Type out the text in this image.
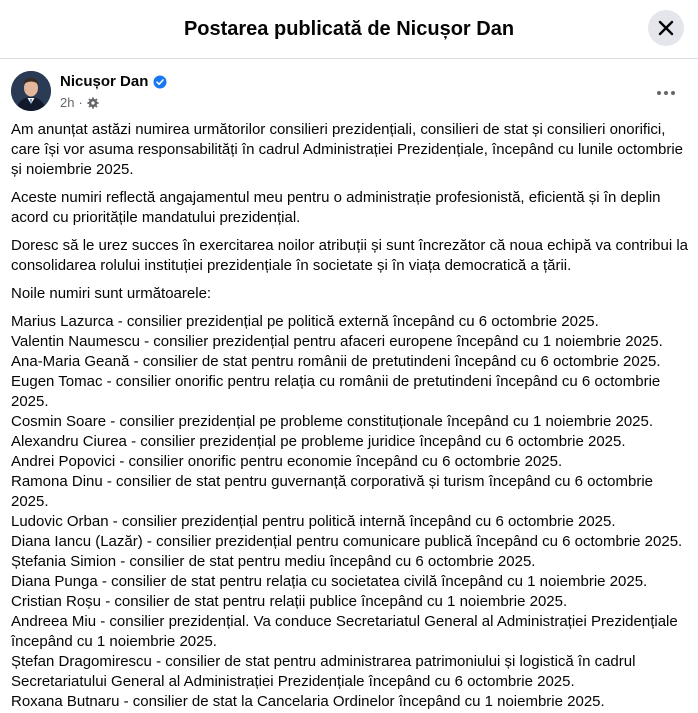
Postarea publicată de Nicușor Dan
Nicușor Dan
2h ·

Am anunțat astăzi numirea următorilor consilieri prezidențiali, consilieri de stat și consilieri onorifici, care își vor asuma responsabilități în cadrul Administrației Prezidențiale, începând cu lunile octombrie și noiembrie 2025.

Aceste numiri reflectă angajamentul meu pentru o administrație profesionistă, eficientă și în deplin acord cu prioritățile mandatului prezidențial.

Doresc să le urez succes în exercitarea noilor atribuții și sunt încrezător că noua echipă va contribui la consolidarea rolului instituției prezidențiale în societate și în viața democratică a țării.

Noile numiri sunt următoarele:

Marius Lazurca - consilier prezidențial pe politică externă începând cu 6 octombrie 2025.
Valentin Naumescu - consilier prezidențial pentru afaceri europene începând cu 1 noiembrie 2025.
Ana-Maria Geană - consilier de stat pentru românii de pretutindeni începând cu 6 octombrie 2025.
Eugen Tomac - consilier onorific pentru relația cu românii de pretutindeni începând cu 6 octombrie 2025.
Cosmin Soare - consilier prezidențial pe probleme constituționale începând cu 1 noiembrie 2025.
Alexandru Ciurea - consilier prezidențial pe probleme juridice începând cu 6 octombrie 2025.
Andrei Popovici - consilier onorific pentru economie începând cu 6 octombrie 2025.
Ramona Dinu - consilier de stat pentru guvernanță corporativă și turism începând cu 6 octombrie 2025.
Ludovic Orban - consilier prezidențial pentru politică internă începând cu 6 octombrie 2025.
Diana Iancu (Lazăr) - consilier prezidențial pentru comunicare publică începând cu 6 octombrie 2025.
Ștefania Simion - consilier de stat pentru mediu începând cu 6 octombrie 2025.
Diana Punga - consilier de stat pentru relația cu societatea civilă începând cu 1 noiembrie 2025.
Cristian Roșu - consilier de stat pentru relații publice începând cu 1 noiembrie 2025.
Andreea Miu - consilier prezidențial. Va conduce Secretariatul General al Administrației Prezidențiale începând cu 1 noiembrie 2025.
Ștefan Dragomirescu - consilier de stat pentru administrarea patrimoniului și logistică în cadrul Secretariatului General al Administrației Prezidențiale începând cu 6 octombrie 2025.
Roxana Butnaru - consilier de stat la Cancelaria Ordinelor începând cu 1 noiembrie 2025.
